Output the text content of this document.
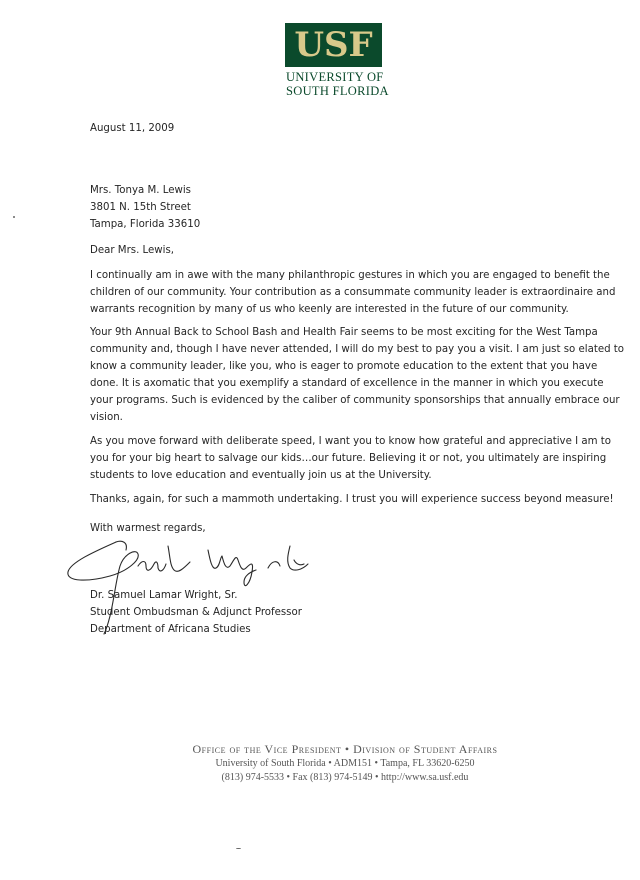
USF
UNIVERSITY OF
SOUTH FLORIDA

August 11, 2009

Mrs. Tonya M. Lewis
3801 N. 15th Street
Tampa, Florida 33610

Dear Mrs. Lewis,

I continually am in awe with the many philanthropic gestures in which you are engaged to benefit the
children of our community. Your contribution as a consummate community leader is extraordinaire and
warrants recognition by many of us who keenly are interested in the future of our community.
Your 9th Annual Back to School Bash and Health Fair seems to be most exciting for the West Tampa
community and, though I have never attended, I will do my best to pay you a visit. I am just so elated to
know a community leader, like you, who is eager to promote education to the extent that you have
done. It is axomatic that you exemplify a standard of excellence in the manner in which you execute
your programs. Such is evidenced by the caliber of community sponsorships that annually embrace our
vision.
As you move forward with deliberate speed, I want you to know how grateful and appreciative I am to
you for your big heart to salvage our kids…our future. Believing it or not, you ultimately are inspiring
students to love education and eventually join us at the University.
Thanks, again, for such a mammoth undertaking. I trust you will experience success beyond measure!

With warmest regards,

Dr. Samuel Lamar Wright, Sr.
Student Ombudsman & Adjunct Professor
Department of Africana Studies
Office of the Vice President • Division of Student Affairs
University of South Florida • ADM151 • Tampa, FL 33620-6250
(813) 974-5533 • Fax (813) 974-5149 • http://www.sa.usf.edu
